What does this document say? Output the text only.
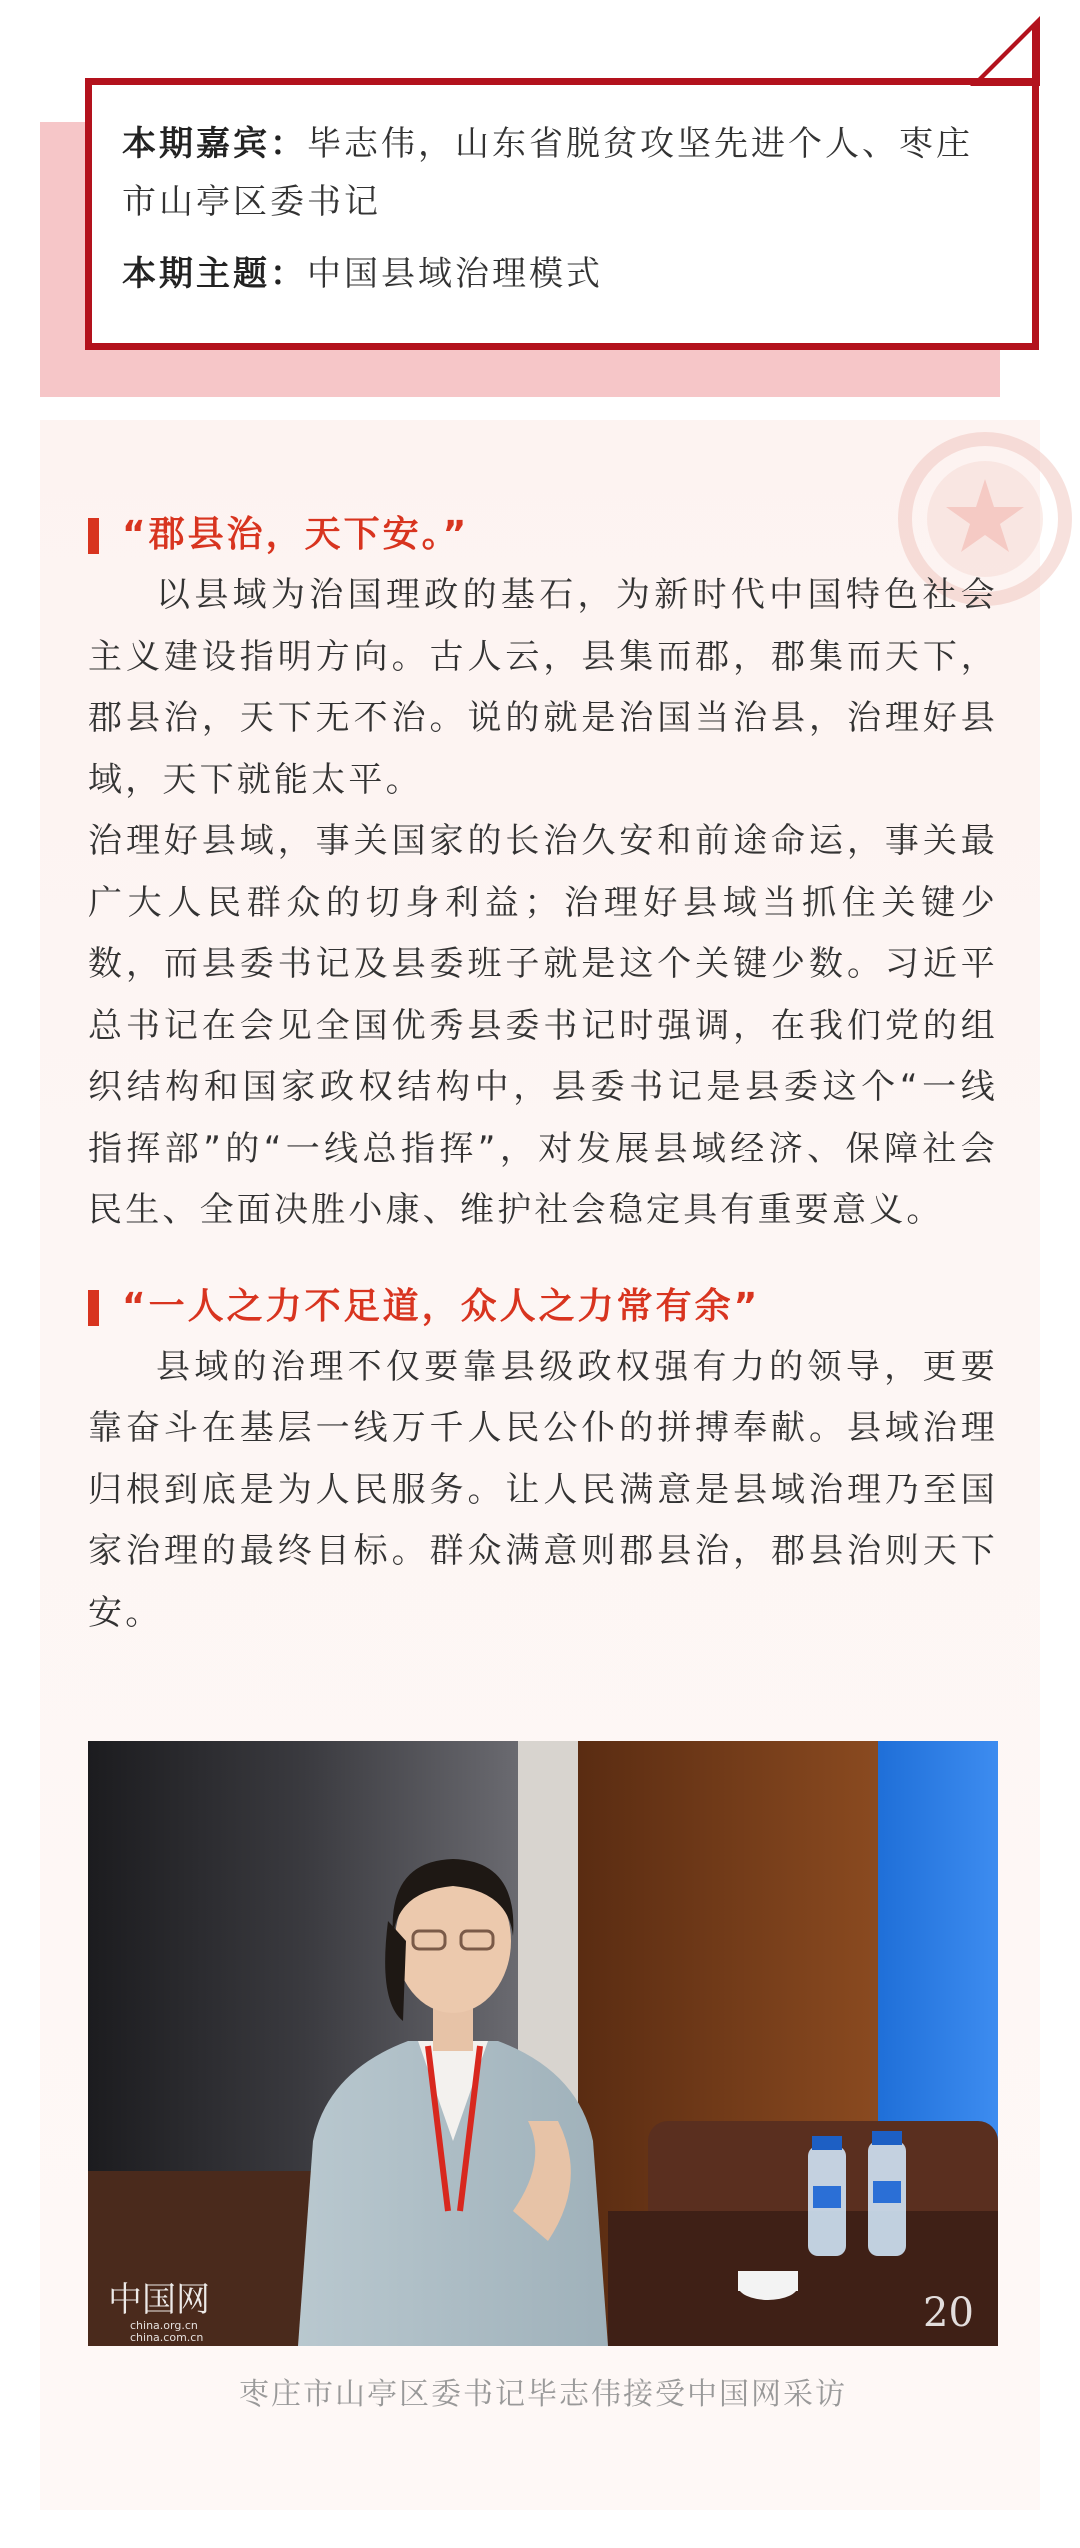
本期嘉宾：毕志伟，山东省脱贫攻坚先进个人、枣庄市山亭区委书记

本期主题：中国县域治理模式

“郡县治，天下安。”

以县域为治国理政的基石，为新时代中国特色社会主义建设指明方向。古人云，县集而郡，郡集而天下，郡县治，天下无不治。说的就是治国当治县，治理好县域，天下就能太平。

治理好县域，事关国家的长治久安和前途命运，事关最广大人民群众的切身利益；治理好县域当抓住关键少数，而县委书记及县委班子就是这个关键少数。习近平总书记在会见全国优秀县委书记时强调，在我们党的组织结构和国家政权结构中，县委书记是县委这个“一线指挥部”的“一线总指挥”，对发展县域经济、保障社会民生、全面决胜小康、维护社会稳定具有重要意义。

“一人之力不足道，众人之力常有余”

县域的治理不仅要靠县级政权强有力的领导，更要靠奋斗在基层一线万千人民公仆的拼搏奉献。县域治理归根到底是为人民服务。让人民满意是县域治理乃至国家治理的最终目标。群众满意则郡县治，郡县治则天下安。

中国网
china.org.cn
china.com.cn
20
枣庄市山亭区委书记毕志伟接受中国网采访
